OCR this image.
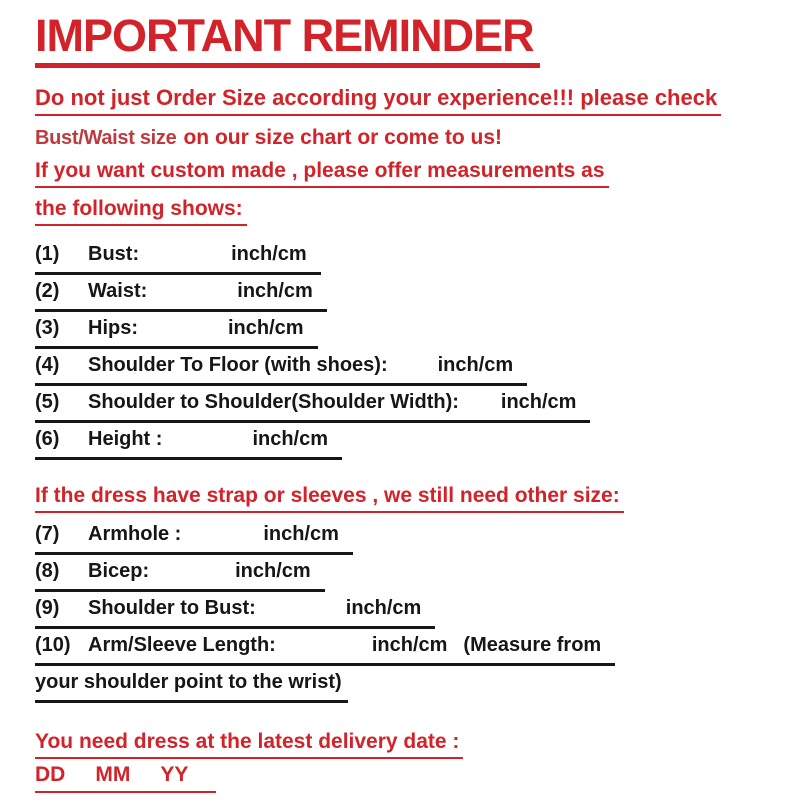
IMPORTANT REMINDER
Do not just Order Size according your experience!!! please check
Bust/Waist size on our size chart or come to us!
If you want custom made , please offer measurements as
the following shows:
(1) Bust:	inch/cm
(2) Waist:	inch/cm
(3) Hips:	inch/cm
(4) Shoulder To Floor (with shoes):	inch/cm
(5) Shoulder to Shoulder(Shoulder Width): inch/cm
(6) Height :	inch/cm
If the dress have strap or sleeves , we still need other size:
(7) Armhole :	inch/cm
(8) Bicep:	inch/cm
(9) Shoulder to Bust:	inch/cm
(10) Arm/Sleeve Length:	inch/cm (Measure from
your shoulder point to the wrist)
You need dress at the latest delivery date :
DD MM YY
